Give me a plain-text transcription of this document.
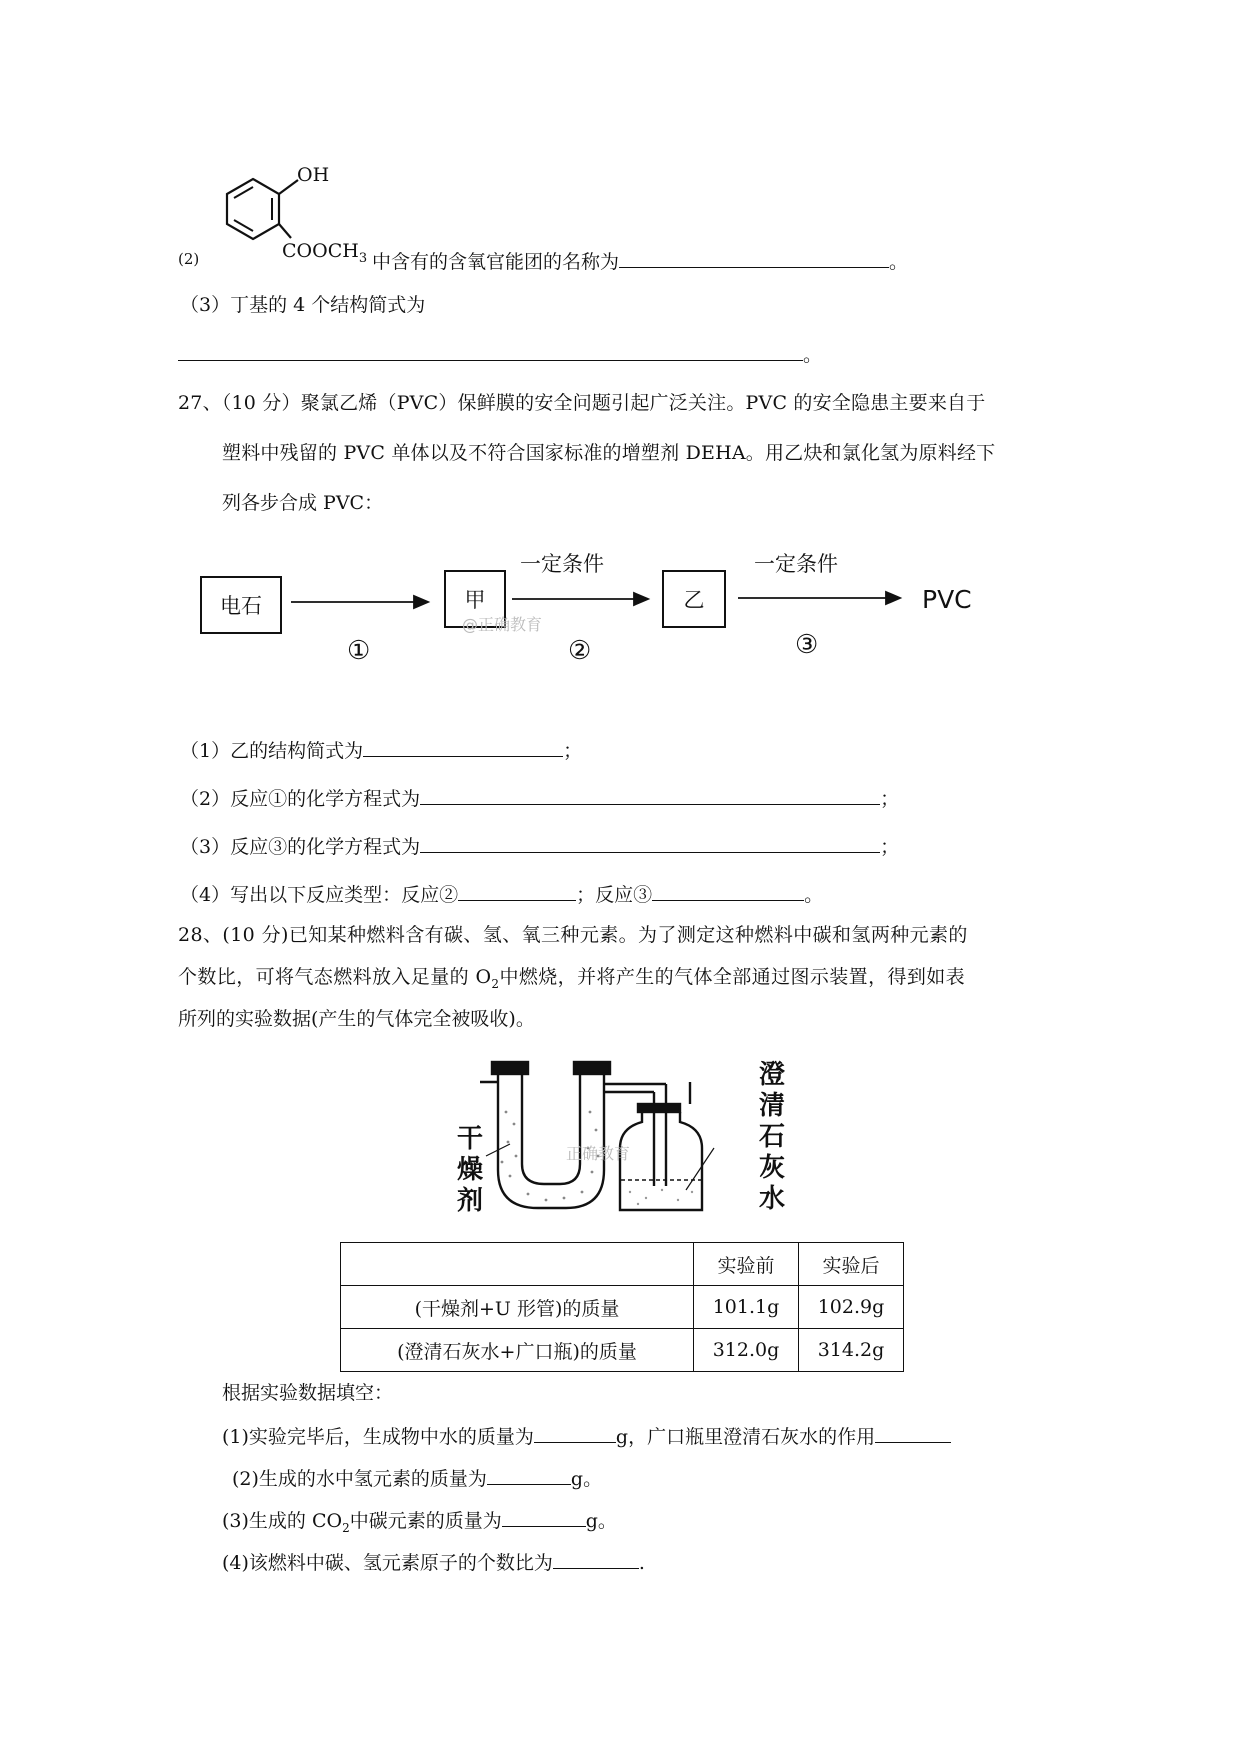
OH
$COOCH_3$
(2)	中含有的含氧官能团的名称为	。
（3）丁基的 4 个结构简式为
。
27、（10 分）聚氯乙烯（PVC）保鲜膜的安全问题引起广泛关注。PVC 的安全隐患主要来自于
塑料中残留的 PVC 单体以及不符合国家标准的增塑剂 DEHA。用乙炔和氯化氢为原料经下
列各步合成 PVC：
电石	甲	乙	PVC
一定条件	一定条件
①	②	③
@正确教育
（1）乙的结构简式为	；
（2）反应①的化学方程式为	；
（3）反应③的化学方程式为	；
（4）写出以下反应类型：反应②	；反应③	。
28、(10 分)已知某种燃料含有碳、氢、氧三种元素。为了测定这种燃料中碳和氢两种元素的
个数比，可将气态燃料放入足量的 $O_2$中燃烧，并将产生的气体全部通过图示装置，得到如表
所列的实验数据(产生的气体完全被吸收)。
干燥剂
澄清石灰水
正确教育
	实验前	实验后
(干燥剂+U 形管)的质量	101.1g	102.9g
(澄清石灰水+广口瓶)的质量	312.0g	314.2g
根据实验数据填空：
(1)实验完毕后，生成物中水的质量为	g，广口瓶里澄清石灰水的作用
(2)生成的水中氢元素的质量为	g。
(3)生成的 $CO_2$中碳元素的质量为	g。
(4)该燃料中碳、氢元素原子的个数比为	.
